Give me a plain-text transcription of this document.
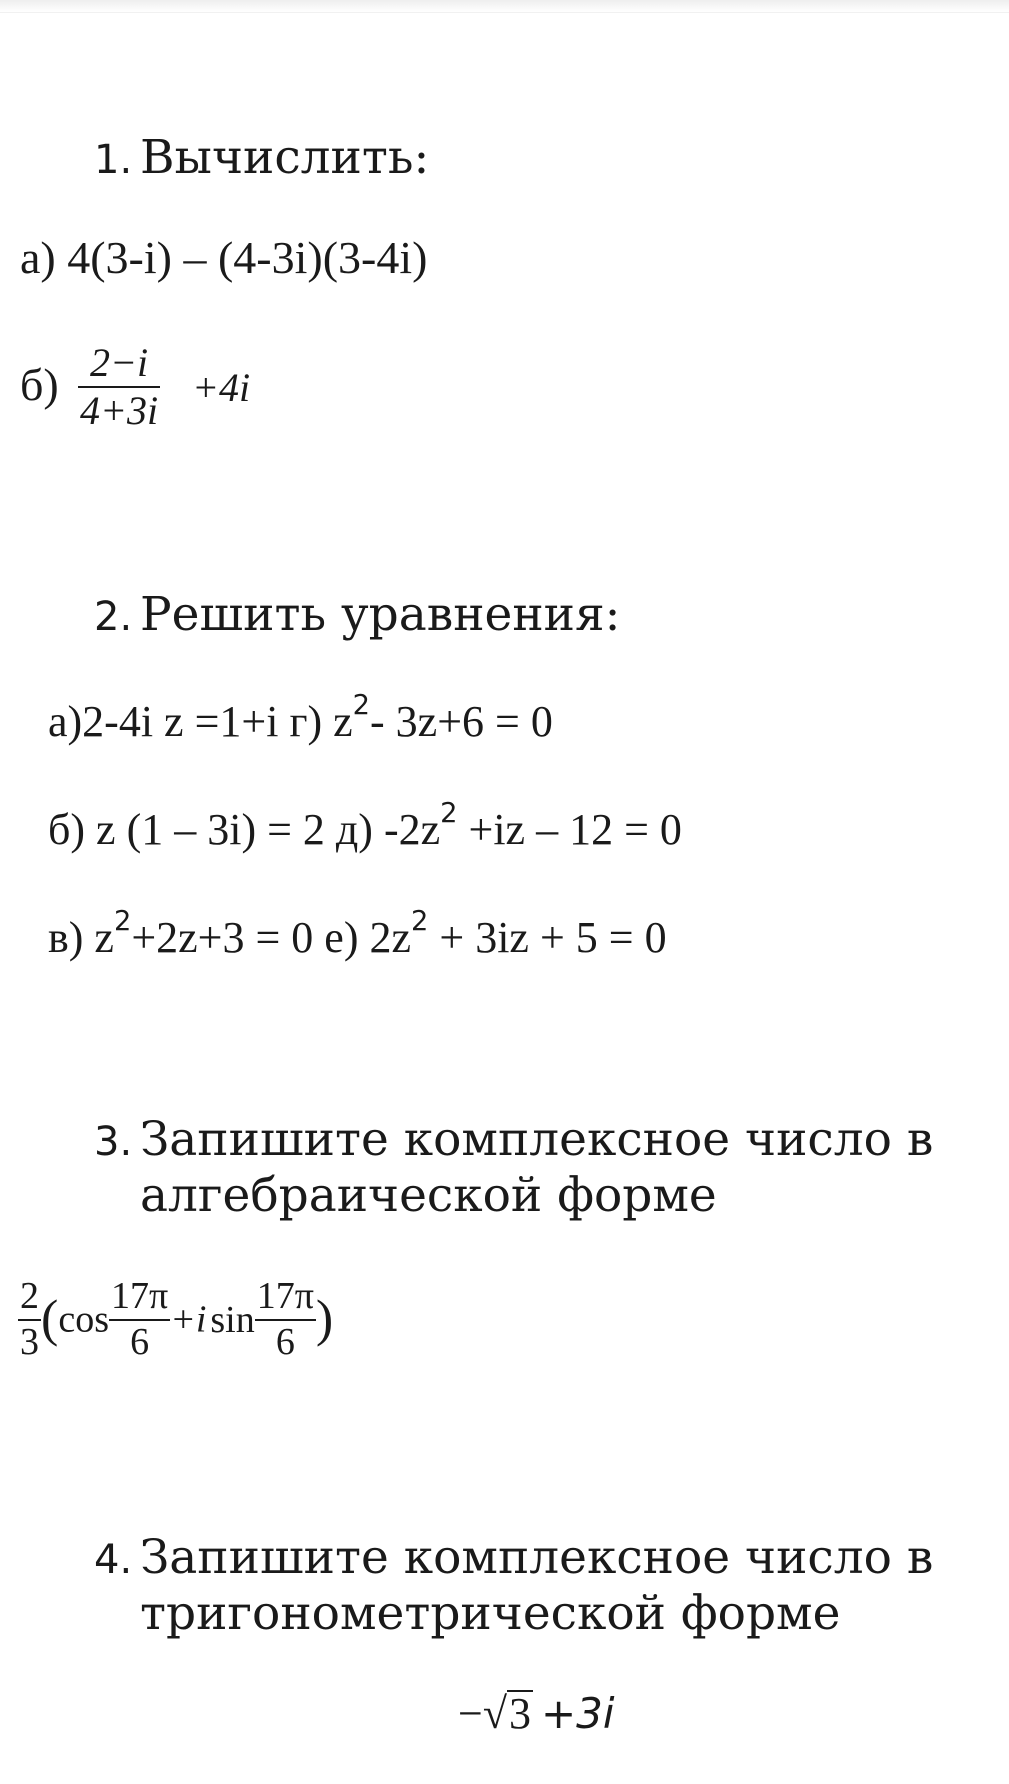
1. Вычислить:
а) 4(3-i) – (4-3i)(3-4i)
$б) \frac{2-i}{4+3i} +4i$
2. Решить уравнения:
а)2-4i z =1+i г) $z^2-$ 3z+6 = 0
б) z (1 – 3i) = 2 д) $-2z^2 +iz - 12 = 0$
в) $z^2+2z+3 = 0$ е) $2z^2 + 3iz + 5 = 0$
3. Запишите комплексное число в
алгебраической форме
$\frac{2}{3} (\cos \frac{17\pi}{6} +i$ $\sin \frac{17\pi}{6}$ )
4. Запишите комплексное число в
тригонометрической форме
−√3 +3i
